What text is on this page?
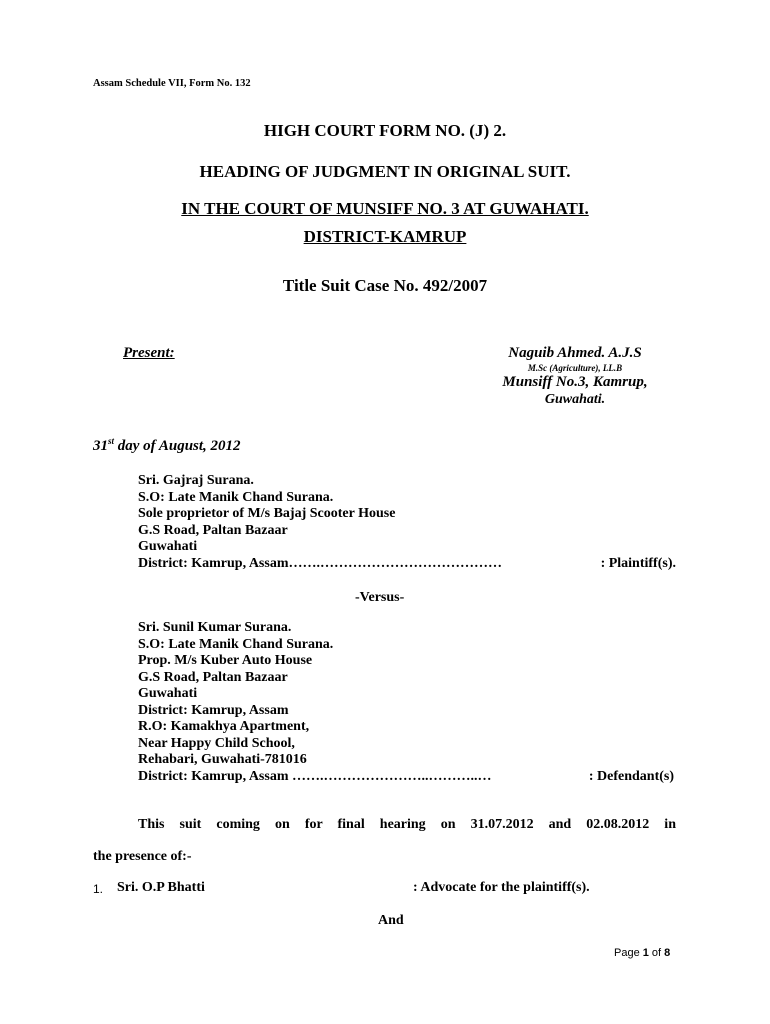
Assam Schedule VII, Form No. 132
HIGH COURT FORM NO. (J) 2.
HEADING OF JUDGMENT IN ORIGINAL SUIT.
IN THE COURT OF MUNSIFF NO. 3 AT GUWAHATI.
DISTRICT-KAMRUP
Title Suit Case No. 492/2007
Present:	Naguib Ahmed. A.J.S
M.Sc (Agriculture), LL.B
Munsiff No.3, Kamrup,
Guwahati.
31st day of August, 2012
Sri. Gajraj Surana.
S.O: Late Manik Chand Surana.
Sole proprietor of M/s Bajaj Scooter House
G.S Road, Paltan Bazaar
Guwahati
District: Kamrup, Assam…….…………………………………	: Plaintiff(s).
-Versus-
Sri. Sunil Kumar Surana.
S.O: Late Manik Chand Surana.
Prop. M/s Kuber Auto House
G.S Road, Paltan Bazaar
Guwahati
District: Kamrup, Assam
R.O: Kamakhya Apartment,
Near Happy Child School,
Rehabari, Guwahati-781016
District: Kamrup, Assam …….…………………..………..…	: Defendant(s)
This suit coming on for final hearing on 31.07.2012 and 02.08.2012 in
the presence of:-
1. Sri. O.P Bhatti	: Advocate for the plaintiff(s).
And
Page 1 of 8
